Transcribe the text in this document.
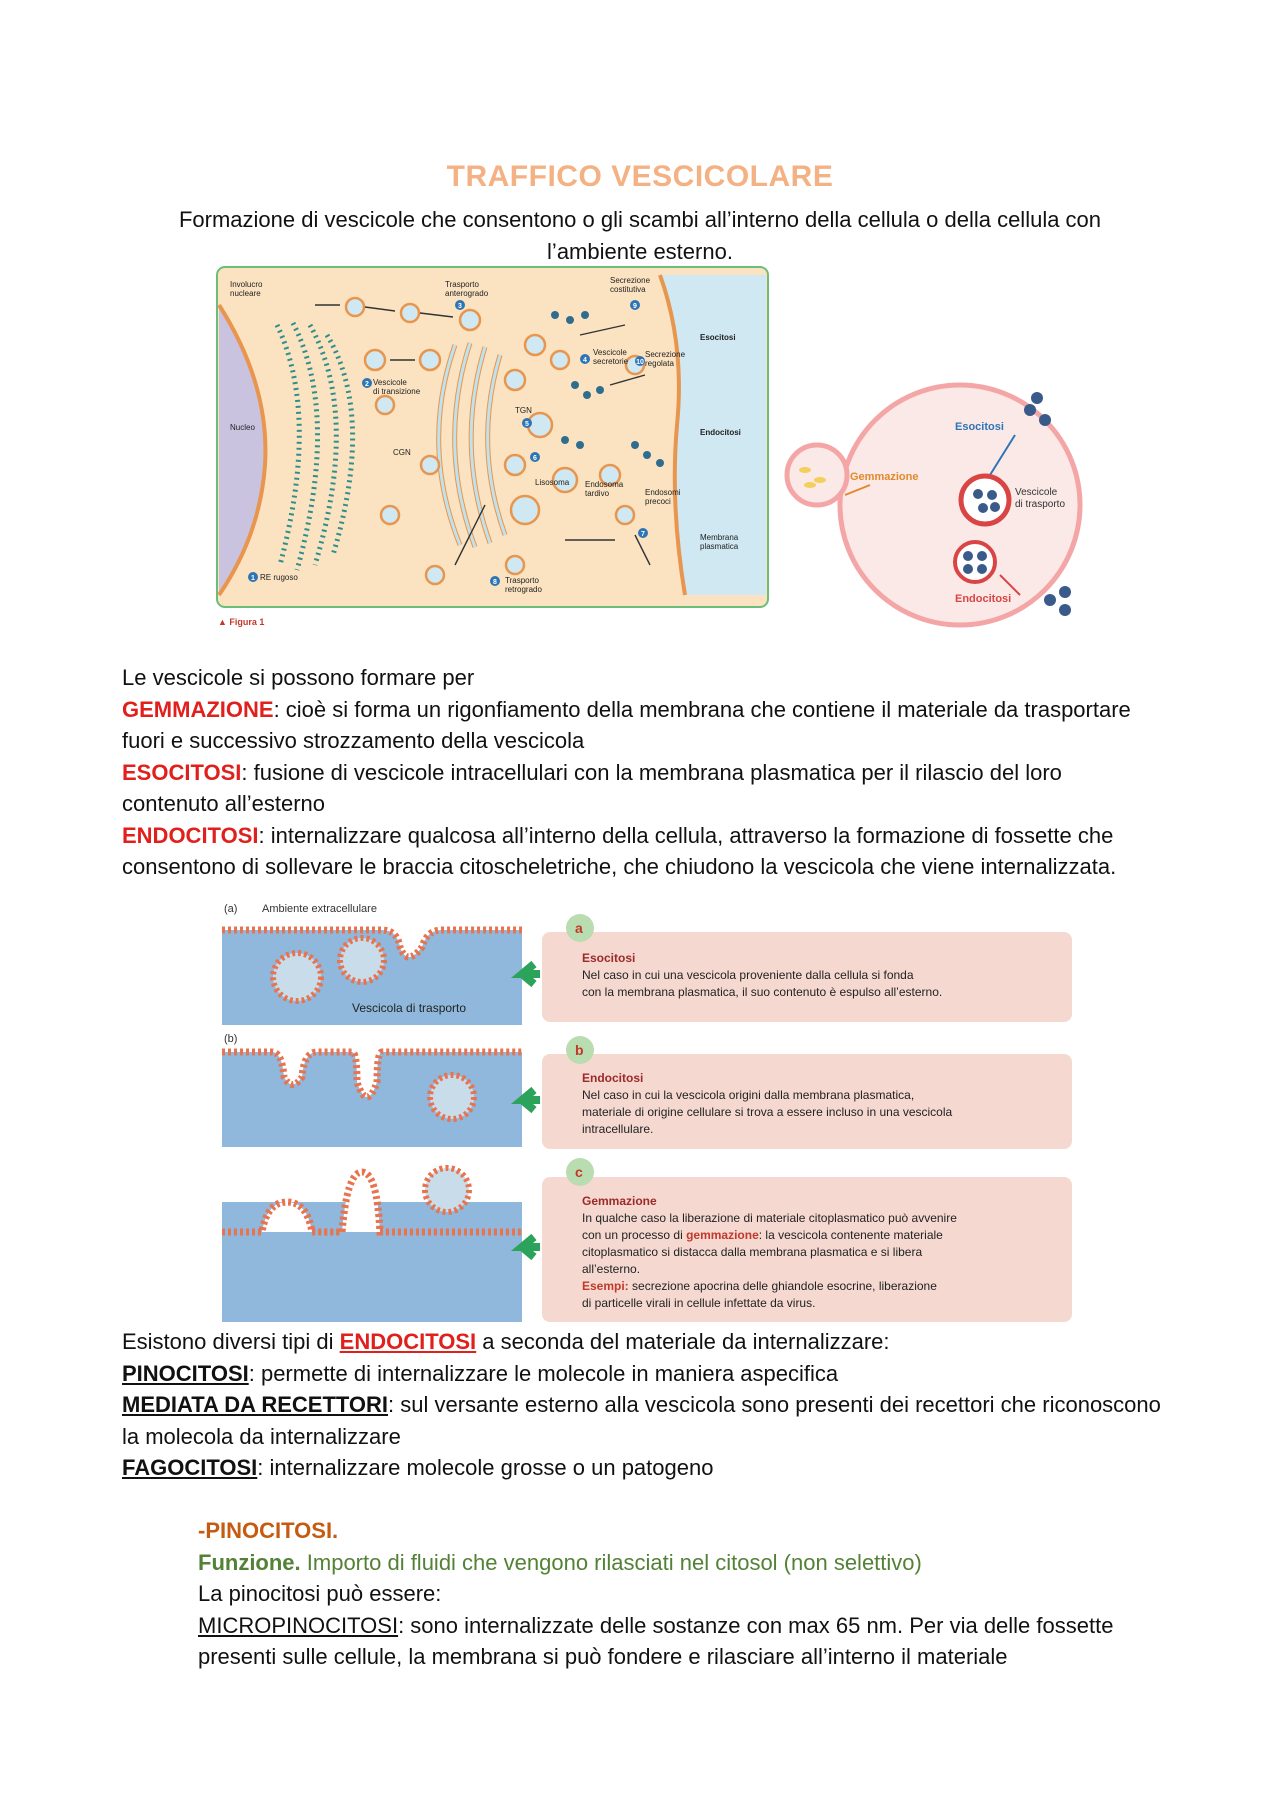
TRAFFICO VESCICOLARE
Formazione di vescicole che consentono o gli scambi all’interno della cellula o della cellula con l’ambiente esterno.
Involucro
nucleare
Nucleo
Trasporto
anterogrado
Secrezione
costitutiva
Esocitosi
Vescicole
di transizione
Vescicole
secretorie
Secrezione
regolata
TGN
CGN
Endocitosi
Lisosoma Endosoma
tardivo	Endosomi
precoci
Membrana
plasmatica
RE rugoso	Trasporto
retrogrado
▲ Figura 1
1
2
3
4
5
6
7
8
9
10
Gemmazione
Esocitosi
Vescicole
di trasporto
Endocitosi
Le vescicole si possono formare per
GEMMAZIONE: cioè si forma un rigonfiamento della membrana che contiene il materiale da trasportare fuori e successivo strozzamento della vescicola
ESOCITOSI: fusione di vescicole intracellulari con la membrana plasmatica per il rilascio del loro contenuto all’esterno
ENDOCITOSI: internalizzare qualcosa all’interno della cellula, attraverso la formazione di fossette che consentono di sollevare le braccia citoscheletriche, che chiudono la vescicola che viene internalizzata.
(a) Ambiente extracellulare
Vescicola di trasporto
(b)
a
b
c
Esocitosi
Nel caso in cui una vescicola proveniente dalla cellula si fonda
con la membrana plasmatica, il suo contenuto è espulso all’esterno.
Endocitosi
Nel caso in cui la vescicola origini dalla membrana plasmatica,
materiale di origine cellulare si trova a essere incluso in una vescicola
intracellulare.
Gemmazione
In qualche caso la liberazione di materiale citoplasmatico può avvenire
con un processo di gemmazione: la vescicola contenente materiale
citoplasmatico si distacca dalla membrana plasmatica e si libera
all’esterno.
Esempi: secrezione apocrina delle ghiandole esocrine, liberazione
di particelle virali in cellule infettate da virus.
Esistono diversi tipi di ENDOCITOSI a seconda del materiale da internalizzare:
PINOCITOSI: permette di internalizzare le molecole in maniera aspecifica
MEDIATA DA RECETTORI: sul versante esterno alla vescicola sono presenti dei recettori che riconoscono la molecola da internalizzare
FAGOCITOSI: internalizzare molecole grosse o un patogeno
-PINOCITOSI.
Funzione. Importo di fluidi che vengono rilasciati nel citosol (non selettivo)
La pinocitosi può essere:
MICROPINOCITOSI: sono internalizzate delle sostanze con max 65 nm. Per via delle fossette presenti sulle cellule, la membrana si può fondere e rilasciare all’interno il materiale
